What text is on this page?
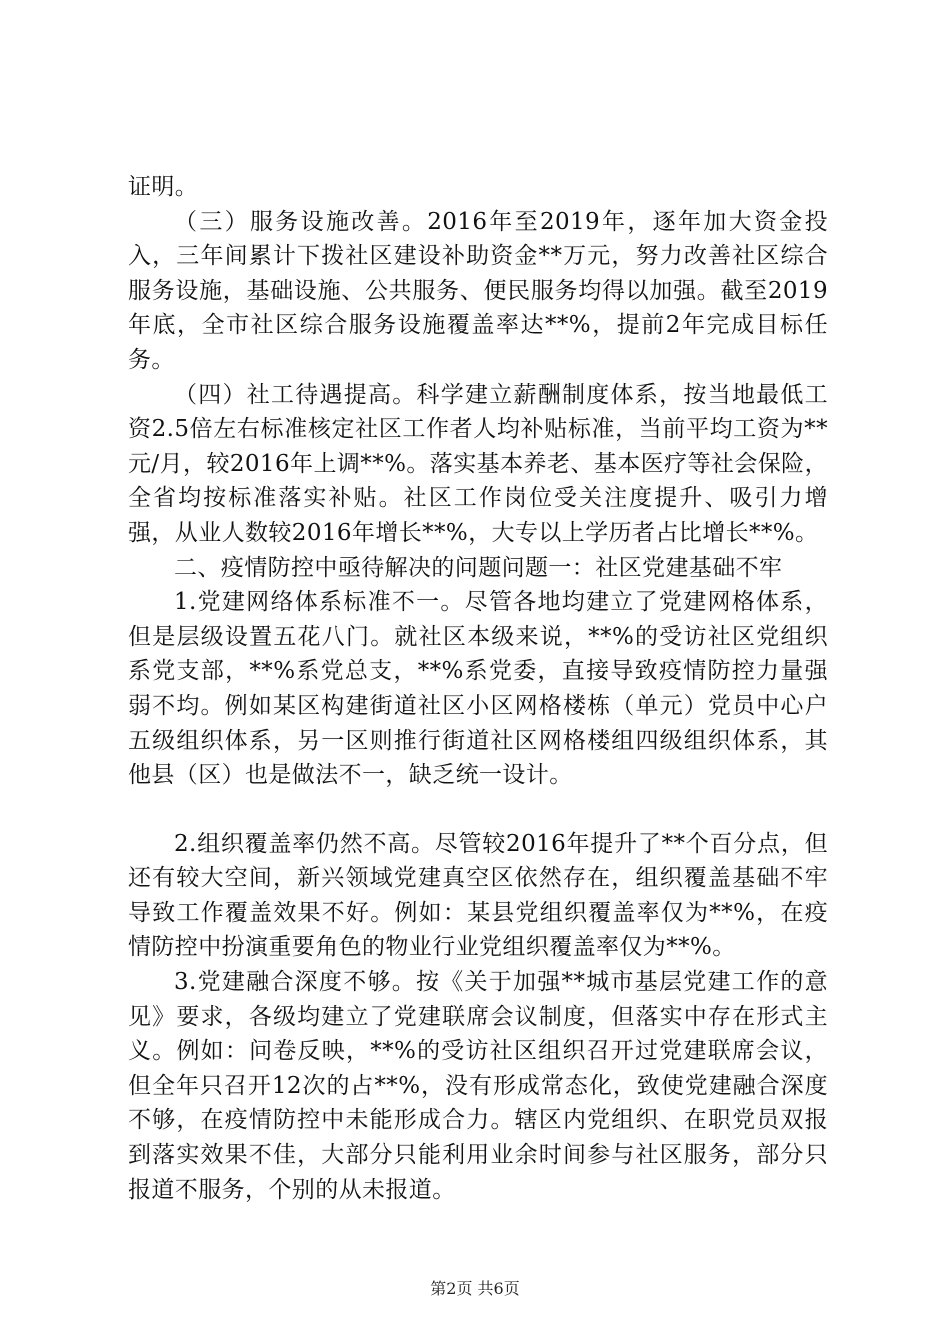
证明。

（三）服务设施改善。2016年至2019年，逐年加大资金投入，三年间累计下拨社区建设补助资金**万元，努力改善社区综合服务设施，基础设施、公共服务、便民服务均得以加强。截至2019年底，全市社区综合服务设施覆盖率达**%，提前2年完成目标任务。

（四）社工待遇提高。科学建立薪酬制度体系，按当地最低工资2.5倍左右标准核定社区工作者人均补贴标准，当前平均工资为**元/月，较2016年上调**%。落实基本养老、基本医疗等社会保险，全省均按标准落实补贴。社区工作岗位受关注度提升、吸引力增强，从业人数较2016年增长**%，大专以上学历者占比增长**%。

二、疫情防控中亟待解决的问题问题一：社区党建基础不牢

1.党建网络体系标准不一。尽管各地均建立了党建网格体系，但是层级设置五花八门。就社区本级来说，**%的受访社区党组织系党支部，**%系党总支，**%系党委，直接导致疫情防控力量强弱不均。例如某区构建街道社区小区网格楼栋（单元）党员中心户五级组织体系，另一区则推行街道社区网格楼组四级组织体系，其他县（区）也是做法不一，缺乏统一设计。

2.组织覆盖率仍然不高。尽管较2016年提升了**个百分点，但还有较大空间，新兴领域党建真空区依然存在，组织覆盖基础不牢导致工作覆盖效果不好。例如：某县党组织覆盖率仅为**%，在疫情防控中扮演重要角色的物业行业党组织覆盖率仅为**%。

3.党建融合深度不够。按《关于加强**城市基层党建工作的意见》要求，各级均建立了党建联席会议制度，但落实中存在形式主义。例如：问卷反映，**%的受访社区组织召开过党建联席会议，但全年只召开12次的占**%，没有形成常态化，致使党建融合深度不够，在疫情防控中未能形成合力。辖区内党组织、在职党员双报到落实效果不佳，大部分只能利用业余时间参与社区服务，部分只报道不服务，个别的从未报道。

第2页 共6页
